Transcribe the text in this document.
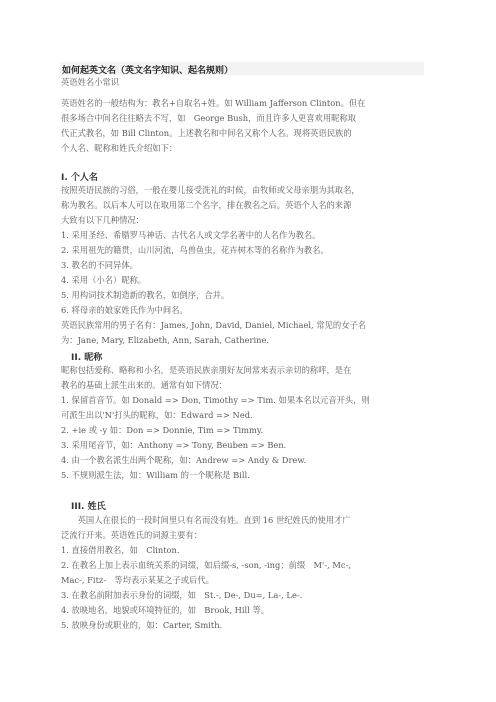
如何起英文名（英文名字知识、起名规则）
英语姓名小常识
英语姓名的一般结构为：教名+自取名+姓。如 William Jafferson Clinton。但在
很多场合中间名往往略去不写，如　George Bush，而且许多人更喜欢用昵称取
代正式教名，如 Bill Clinton。上述教名和中间名又称个人名。现将英语民族的
个人名、昵称和姓氏介绍如下：
I. 个人名
按照英语民族的习俗，一般在婴儿接受洗礼的时候，由牧师或父母亲朋为其取名，
称为教名。以后本人可以在取用第二个名字，排在教名之后。英语个人名的来源
大致有以下几种情况：
1. 采用圣经、希腊罗马神话、古代名人或文学名著中的人名作为教名。
2. 采用祖先的籍贯，山川河流，鸟兽鱼虫，花卉树木等的名称作为教名。
3. 教名的不同异体。
4. 采用（小名）昵称。
5. 用构词技术制造新的教名，如倒序，合并。
6. 将母亲的娘家姓氏作为中间名。
英语民族常用的男子名有：James, John, David, Daniel, Michael, 常见的女子名
为：Jane, Mary, Elizabeth, Ann, Sarah, Catherine.
II. 昵称
昵称包括爱称、略称和小名，是英语民族亲朋好友间常来表示亲切的称呼，是在
教名的基础上派生出来的。通常有如下情况：
1. 保留首音节。如 Donald => Don, Timothy => Tim. 如果本名以元音开头，则
可派生出以'N'打头的昵称，如：Edward => Ned.
2. +ie 或 -y 如：Don => Donnie, Tim => Timmy.
3. 采用尾音节，如：Anthony => Tony, Beuben => Ben.
4. 由一个教名派生出两个昵称，如：Andrew => Andy & Drew.
5. 不规则派生法，如：William 的一个昵称是 Bill.
III. 姓氏
　　英国人在很长的一段时间里只有名而没有姓。直到 16 世纪姓氏的使用才广
泛流行开来。英语姓氏的词源主要有：
1. 直接借用教名，如　Clinton.
2. 在教名上加上表示血统关系的词缀，如后缀-s, -son, -ing；前缀　M'-, Mc-,
Mac-, Fitz-　等均表示某某之子或后代。
3. 在教名前附加表示身份的词缀，如　St.-, De-, Du=, La-, Le-.
4. 放映地名，地貌或环境特征的，如　Brook, Hill 等。
5. 放映身份或职业的，如：Carter, Smith.
